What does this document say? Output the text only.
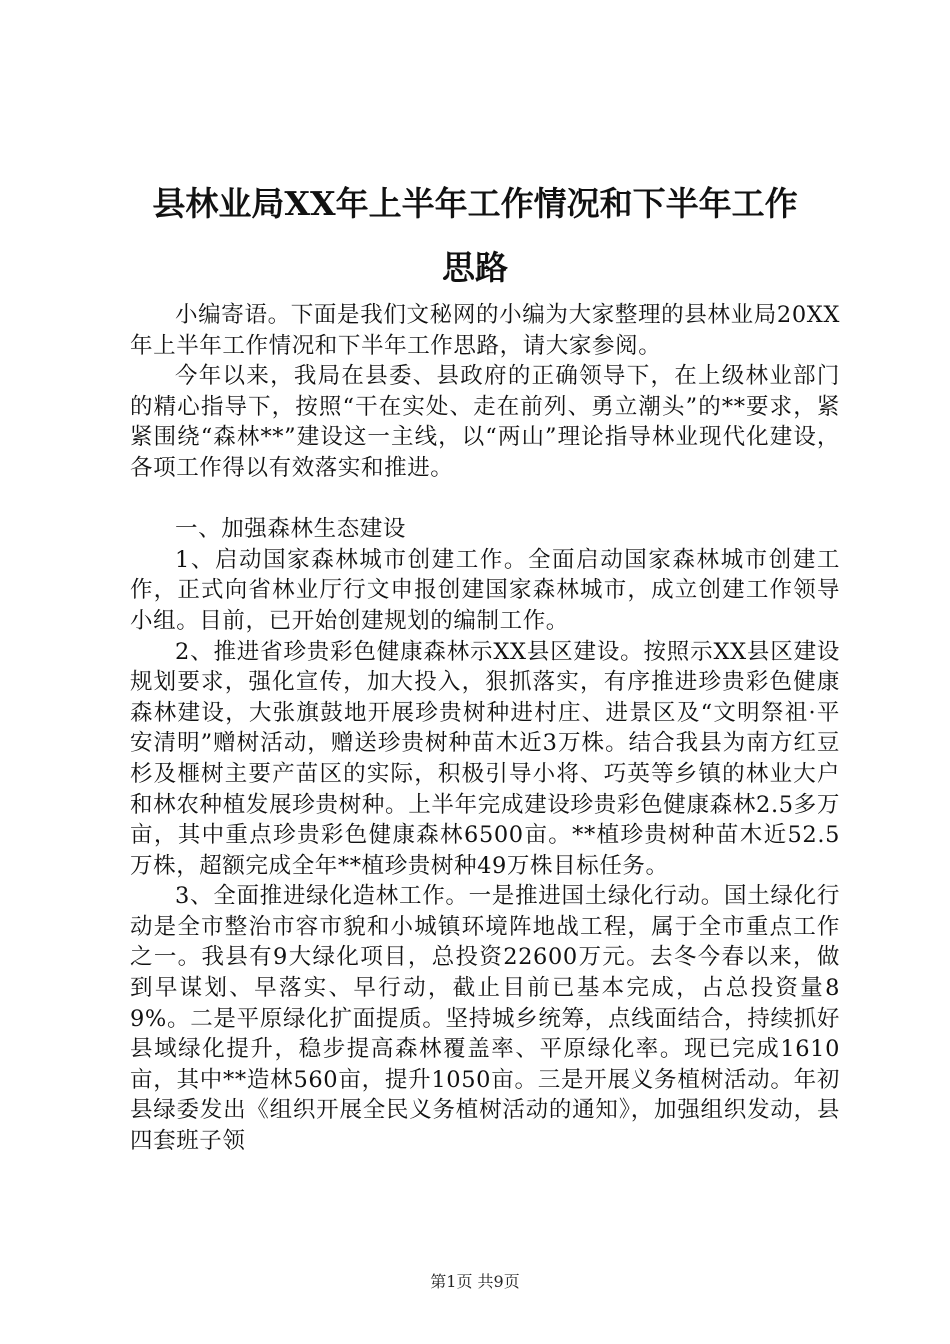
县林业局XX年上半年工作情况和下半年工作
思路

小编寄语。下面是我们文秘网的小编为大家整理的县林业局20XX年上半年工作情况和下半年工作思路，请大家参阅。

今年以来，我局在县委、县政府的正确领导下，在上级林业部门的精心指导下，按照“干在实处、走在前列、勇立潮头”的**要求，紧紧围绕“森林**”建设这一主线，以“两山”理论指导林业现代化建设，各项工作得以有效落实和推进。

一、加强森林生态建设

1、启动国家森林城市创建工作。全面启动国家森林城市创建工作，正式向省林业厅行文申报创建国家森林城市，成立创建工作领导小组。目前，已开始创建规划的编制工作。

2、推进省珍贵彩色健康森林示XX县区建设。按照示XX县区建设规划要求，强化宣传，加大投入，狠抓落实，有序推进珍贵彩色健康森林建设，大张旗鼓地开展珍贵树种进村庄、进景区及“文明祭祖·平安清明”赠树活动，赠送珍贵树种苗木近3万株。结合我县为南方红豆杉及榧树主要产苗区的实际，积极引导小将、巧英等乡镇的林业大户和林农种植发展珍贵树种。上半年完成建设珍贵彩色健康森林2.5多万亩，其中重点珍贵彩色健康森林6500亩。**植珍贵树种苗木近52.5万株，超额完成全年**植珍贵树种49万株目标任务。

3、全面推进绿化造林工作。一是推进国土绿化行动。国土绿化行动是全市整治市容市貌和小城镇环境阵地战工程，属于全市重点工作之一。我县有9大绿化项目，总投资22600万元。去冬今春以来，做到早谋划、早落实、早行动，截止目前已基本完成，占总投资量89%。二是平原绿化扩面提质。坚持城乡统筹，点线面结合，持续抓好县域绿化提升，稳步提高森林覆盖率、平原绿化率。现已完成1610亩，其中**造林560亩，提升1050亩。三是开展义务植树活动。年初县绿委发出《组织开展全民义务植树活动的通知》，加强组织发动，县四套班子领

第1页 共9页
